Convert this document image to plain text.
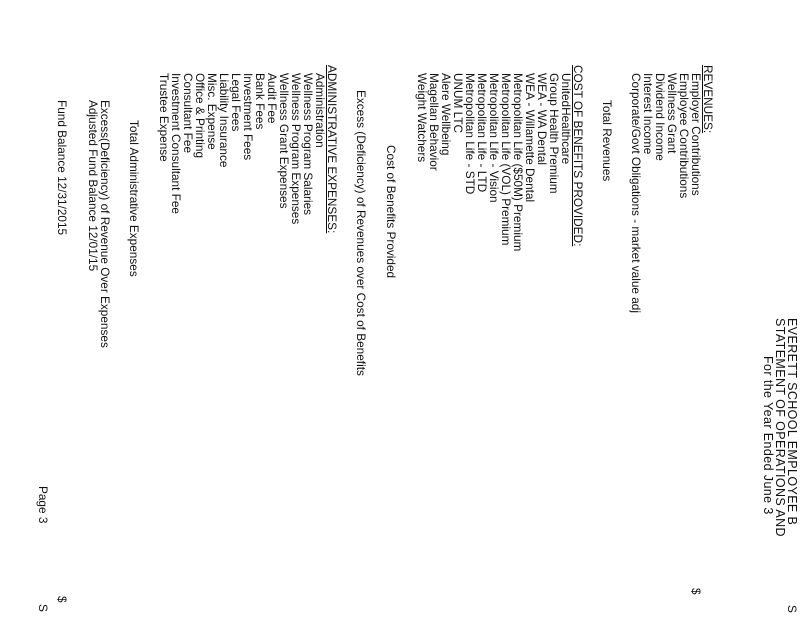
EVERETT SCHOOL EMPLOYEE B
STATEMENT OF OPERATIONS AND
For the Year Ended June 3
S
REVENUES:
Employer Contributions
Employee Contributions
Wellness Grant
Dividend Income
Interest Income
Corporate/Govt Obligations - market value adj
$
Total Revenues
COST OF BENEFITS PROVIDED:
UnitedHealthcare
Group Health Premium
WEA - WA Dental
WEA - Willamette Dental
Metropolitan Life ($50M) Premium
Metropolitan Life (VOL) Premium
Metropolitan Life - Vision
Metropolitan Life - LTD
Metropolitan Life - STD
UNUM LTC
Alere Wellbeing
Magellan Behavior
Weight Watchers
Cost of Benefits Provided
Excess (Deficiency) of Revenues over Cost of Benefits
ADMINISTRATIVE EXPENSES:
Administration
Wellness Program Salaries
Wellness Program Expenses
Wellness Grant Expenses
Audit Fee
Bank Fees
Investment Fees
Legal Fees
Liability Insurance
Misc. Expense
Office & Printing
Consultant Fee
Investment Consultant Fee
Trustee Expense
Total Administrative Expenses
Excess(Deficiency) of Revenue Over Expenses
Adjusted Fund Balance 12/01/15
Fund Balance 12/31/2015
$
Page 3
S
